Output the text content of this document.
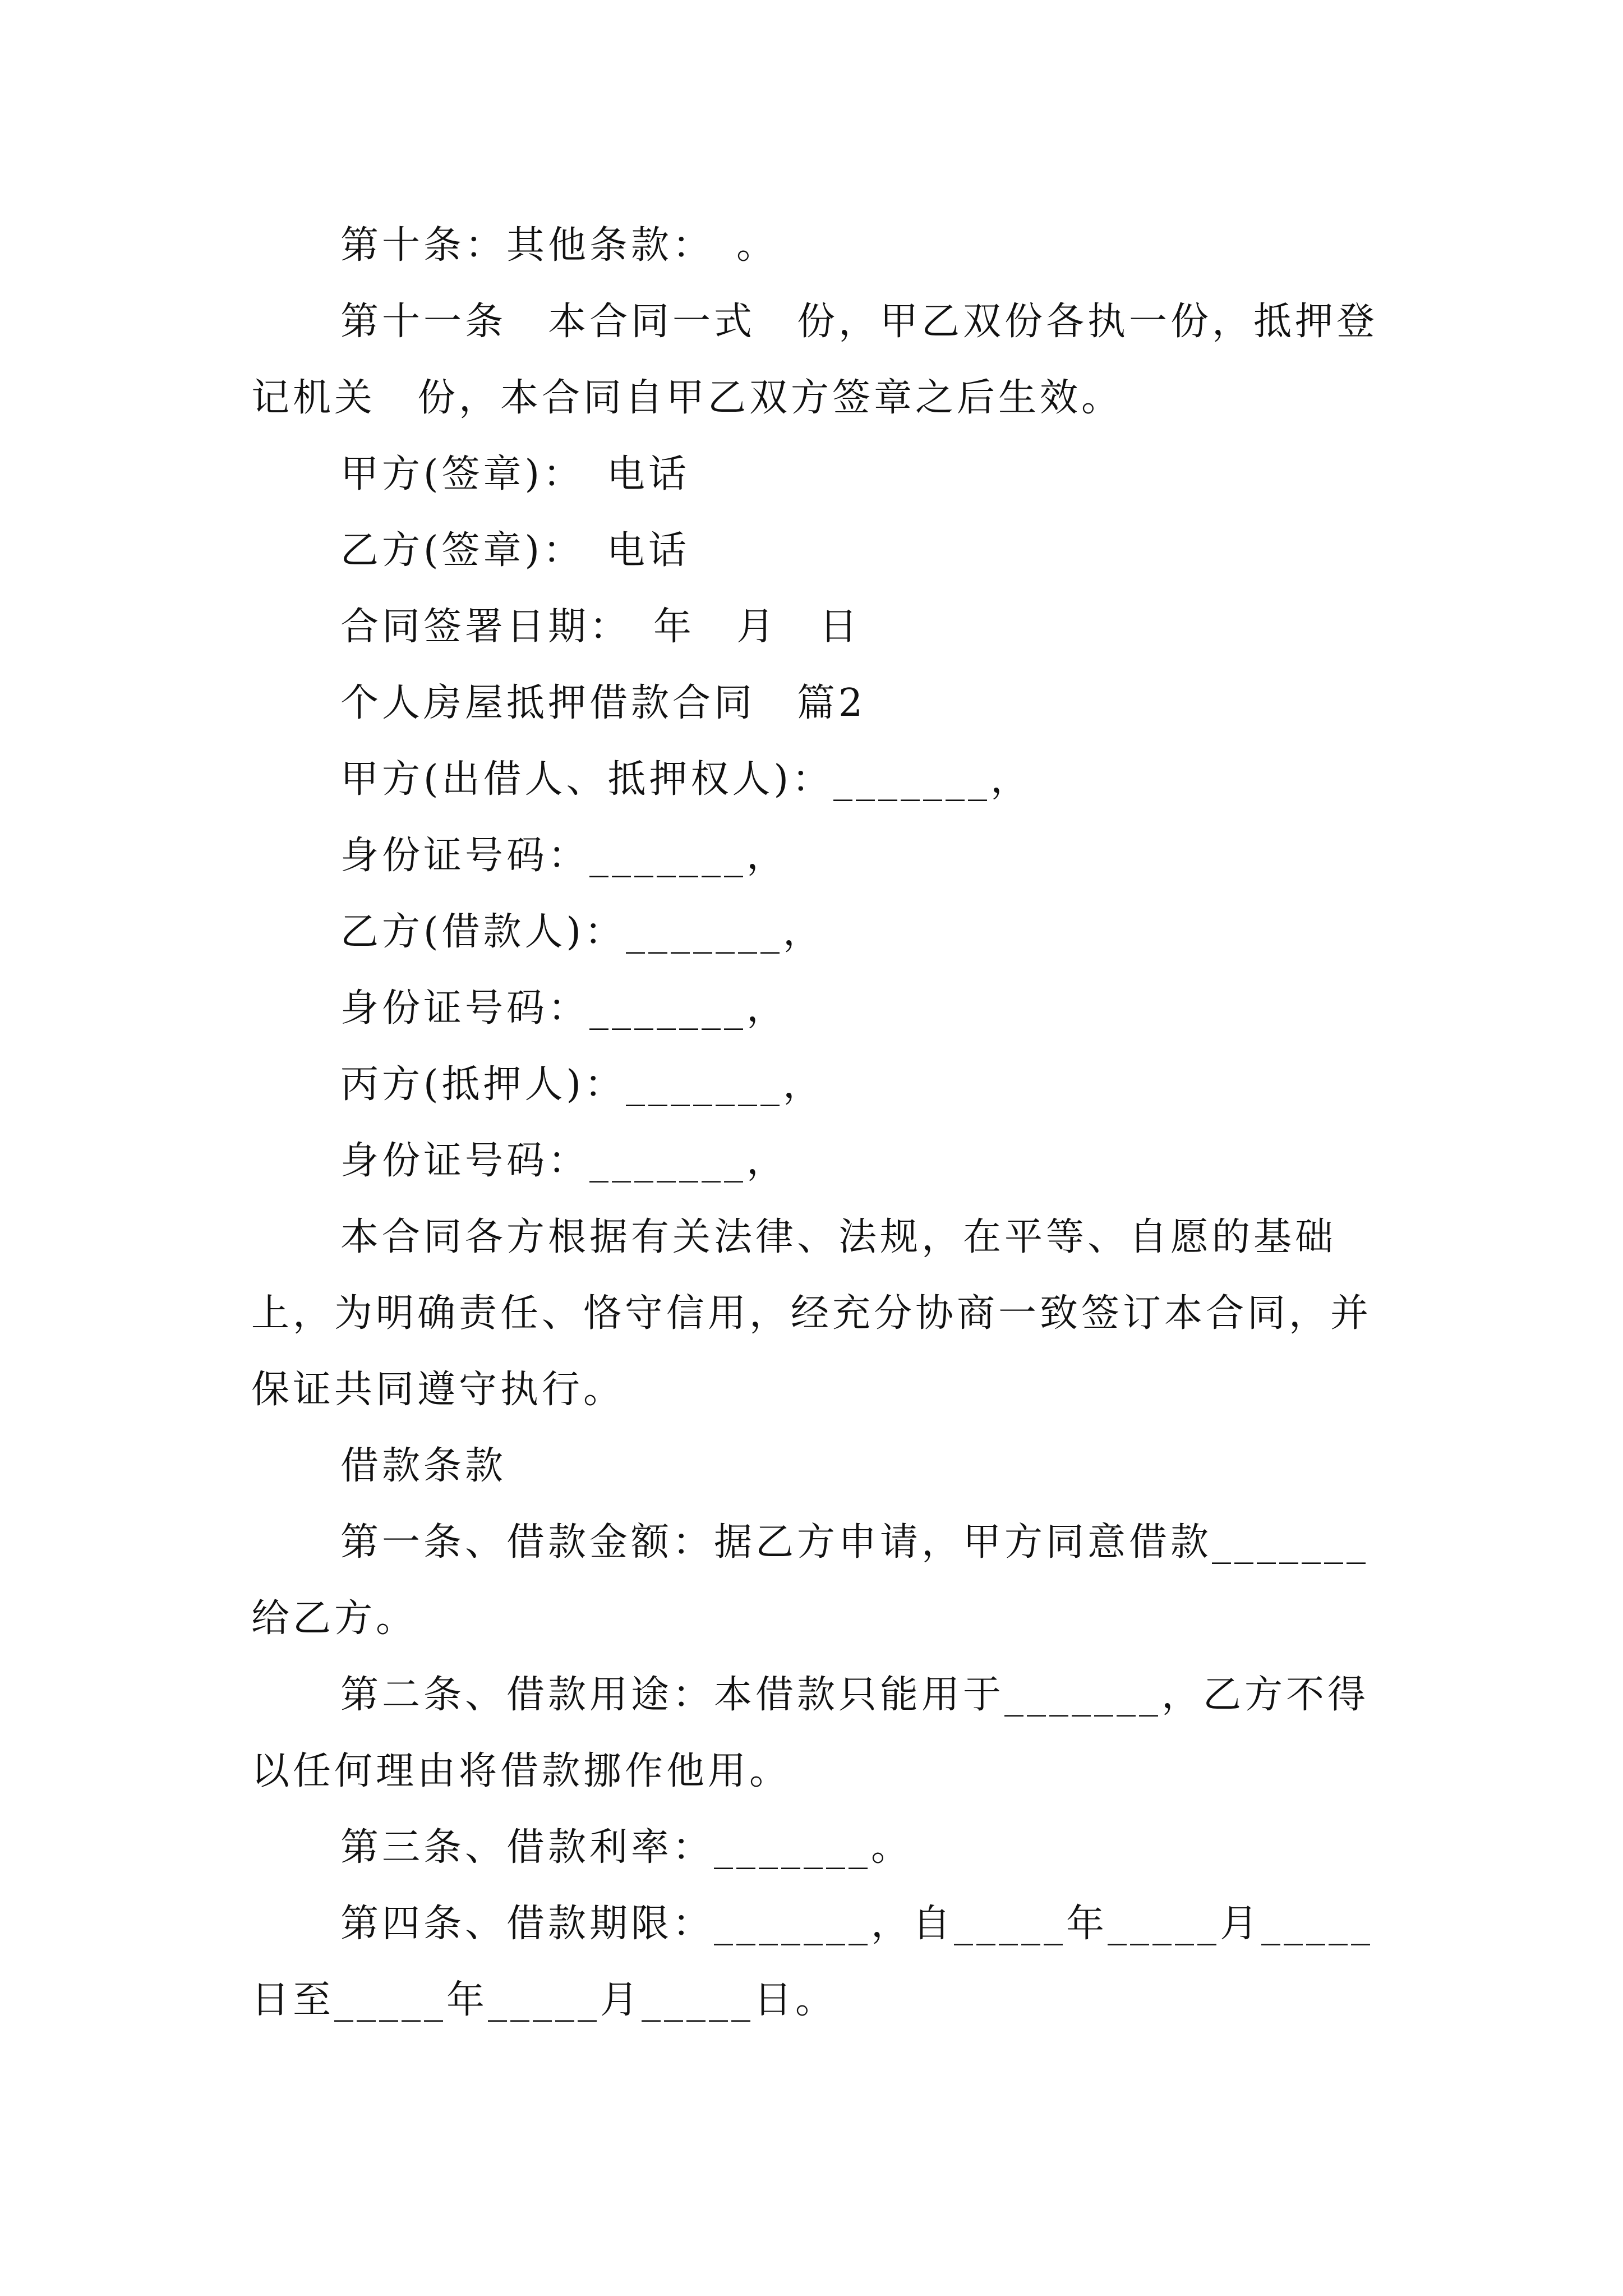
第十条：其他条款：　。

第十一条　本合同一式　份，甲乙双份各执一份，抵押登记机关　份，本合同自甲乙双方签章之后生效。

甲方(签章)：　电话

乙方(签章)：　电话

合同签署日期：　年　月　日

个人房屋抵押借款合同　篇2

甲方(出借人、抵押权人)：_______，

身份证号码：_______，

乙方(借款人)：_______，

身份证号码：_______，

丙方(抵押人)：_______，

身份证号码：_______，

本合同各方根据有关法律、法规，在平等、自愿的基础上，为明确责任、恪守信用，经充分协商一致签订本合同，并保证共同遵守执行。

借款条款

第一条、借款金额：据乙方申请，甲方同意借款_______给乙方。

第二条、借款用途：本借款只能用于_______，乙方不得以任何理由将借款挪作他用。

第三条、借款利率：_______。

第四条、借款期限：_______，自_____年_____月_____日至_____年_____月_____日。
